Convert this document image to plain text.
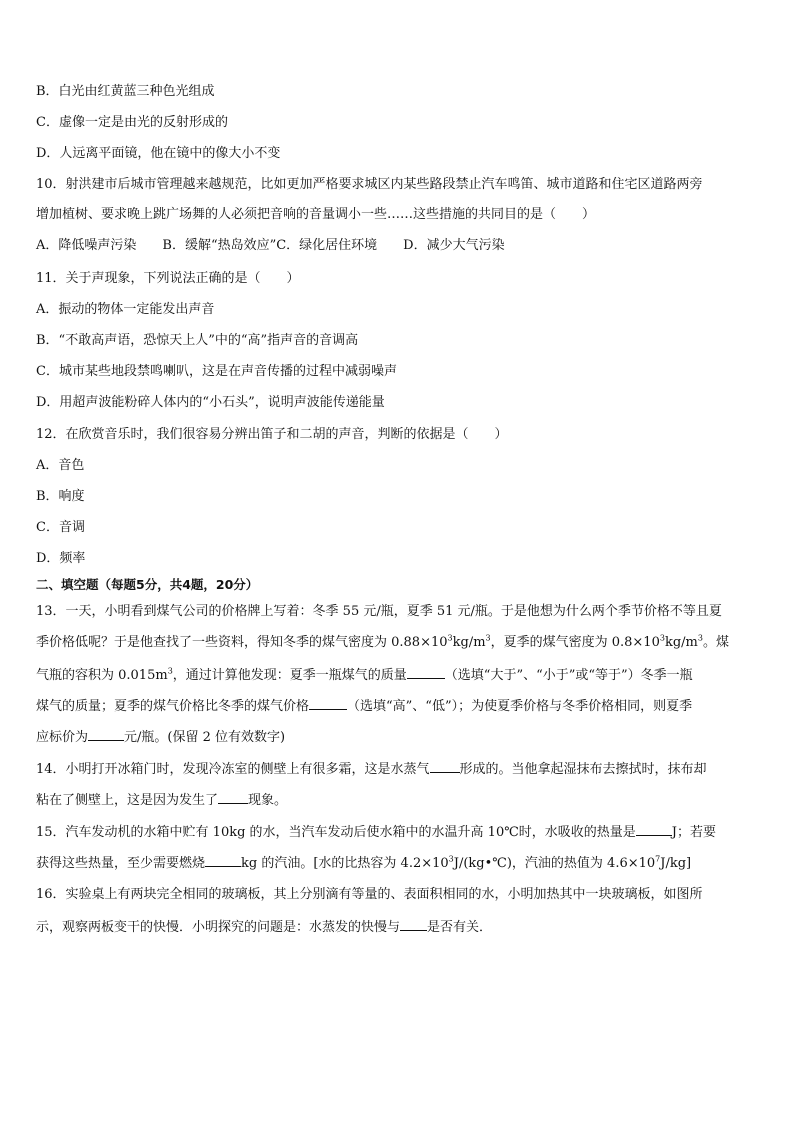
B．白光由红黄蓝三种色光组成
C．虚像一定是由光的反射形成的
D．人远离平面镜，他在镜中的像大小不变
10．射洪建市后城市管理越来越规范，比如更加严格要求城区内某些路段禁止汽车鸣笛、城市道路和住宅区道路两旁
增加植树、要求晚上跳广场舞的人必须把音响的音量调小一些……这些措施的共同目的是（　　）
A．降低噪声污染　　B．缓解“热岛效应”C．绿化居住环境　　D．减少大气污染
11．关于声现象，下列说法正确的是（　　）
A．振动的物体一定能发出声音
B．“不敢高声语，恐惊天上人”中的“高”指声音的音调高
C．城市某些地段禁鸣喇叭，这是在声音传播的过程中减弱噪声
D．用超声波能粉碎人体内的“小石头”，说明声波能传递能量
12．在欣赏音乐时，我们很容易分辨出笛子和二胡的声音，判断的依据是（　　）
A．音色
B．响度
C．音调
D．频率
二、填空题（每题5分，共4题，20分）
13．一天，小明看到煤气公司的价格牌上写着：冬季 55 元/瓶，夏季 51 元/瓶。于是他想为什么两个季节价格不等且夏
季价格低呢？于是他查找了一些资料，得知冬季的煤气密度为 $0.88\times 10^3kg/m^3$，夏季的煤气密度为 $0.8\times 10^3kg/m^3$。煤
气瓶的容积为 $0.015m^3$，通过计算他发现：夏季一瓶煤气的质量	（选填“大于”、“小于”或“等于”）冬季一瓶
煤气的质量；夏季的煤气价格比冬季的煤气价格	（选填“高”、“低”）；为使夏季价格与冬季价格相同，则夏季
应标价为	元/瓶。(保留 2 位有效数字)
14．小明打开冰箱门时，发现冷冻室的侧壁上有很多霜，这是水蒸气 形成的。当他拿起湿抹布去擦拭时，抹布却
粘在了侧壁上，这是因为发生了 现象。
15．汽车发动机的水箱中贮有 10kg 的水，当汽车发动后使水箱中的水温升高 10℃时，水吸收的热量是	J；若要
获得这些热量，至少需要燃烧	kg 的汽油。[水的比热容为 $4.2\times 10^3J/(kg•℃)$，汽油的热值为 $4.6\times 10^7J/kg$]
16．实验桌上有两块完全相同的玻璃板，其上分别滴有等量的、表面积相同的水，小明加热其中一块玻璃板，如图所
示，观察两板变干的快慢．小明探究的问题是：水蒸发的快慢与 是否有关．
